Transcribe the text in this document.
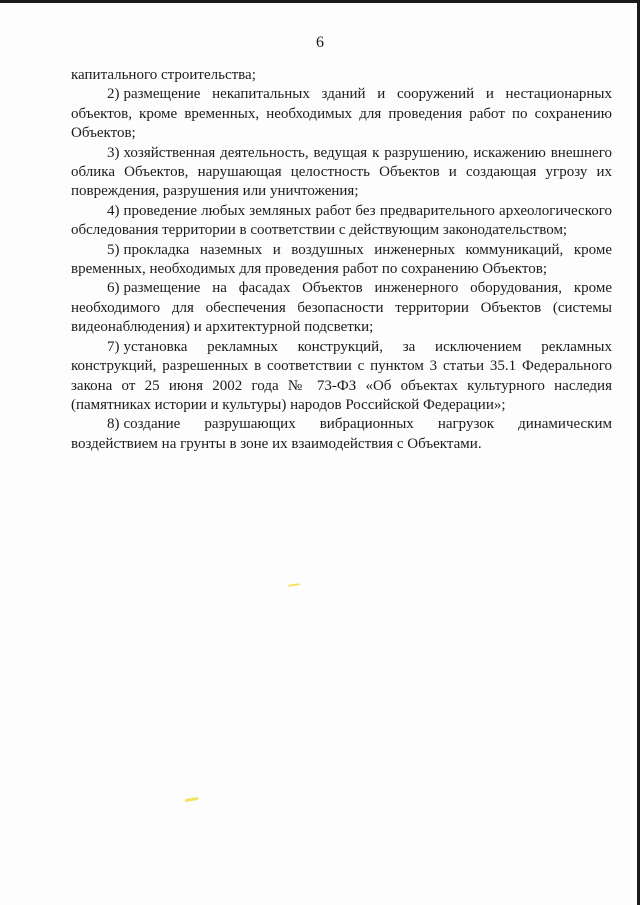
6

капитального строительства;

2) размещение некапитальных зданий и сооружений и нестационарных объектов, кроме временных, необходимых для проведения работ по сохранению Объектов;

3) хозяйственная деятельность, ведущая к разрушению, искажению внешнего облика Объектов, нарушающая целостность Объектов и создающая угрозу их повреждения, разрушения или уничтожения;

4) проведение любых земляных работ без предварительного археологического обследования территории в соответствии с действующим законодательством;

5) прокладка наземных и воздушных инженерных коммуникаций, кроме временных, необходимых для проведения работ по сохранению Объектов;

6) размещение на фасадах Объектов инженерного оборудования, кроме необходимого для обеспечения безопасности территории Объектов (системы видеонаблюдения) и архитектурной подсветки;

7) установка рекламных конструкций, за исключением рекламных конструкций, разрешенных в соответствии с пунктом 3 статьи 35.1 Федерального закона от 25 июня 2002 года № 73-ФЗ «Об объектах культурного наследия (памятниках истории и культуры) народов Российской Федерации»;

8) создание разрушающих вибрационных нагрузок динамическим воздействием на грунты в зоне их взаимодействия с Объектами.
